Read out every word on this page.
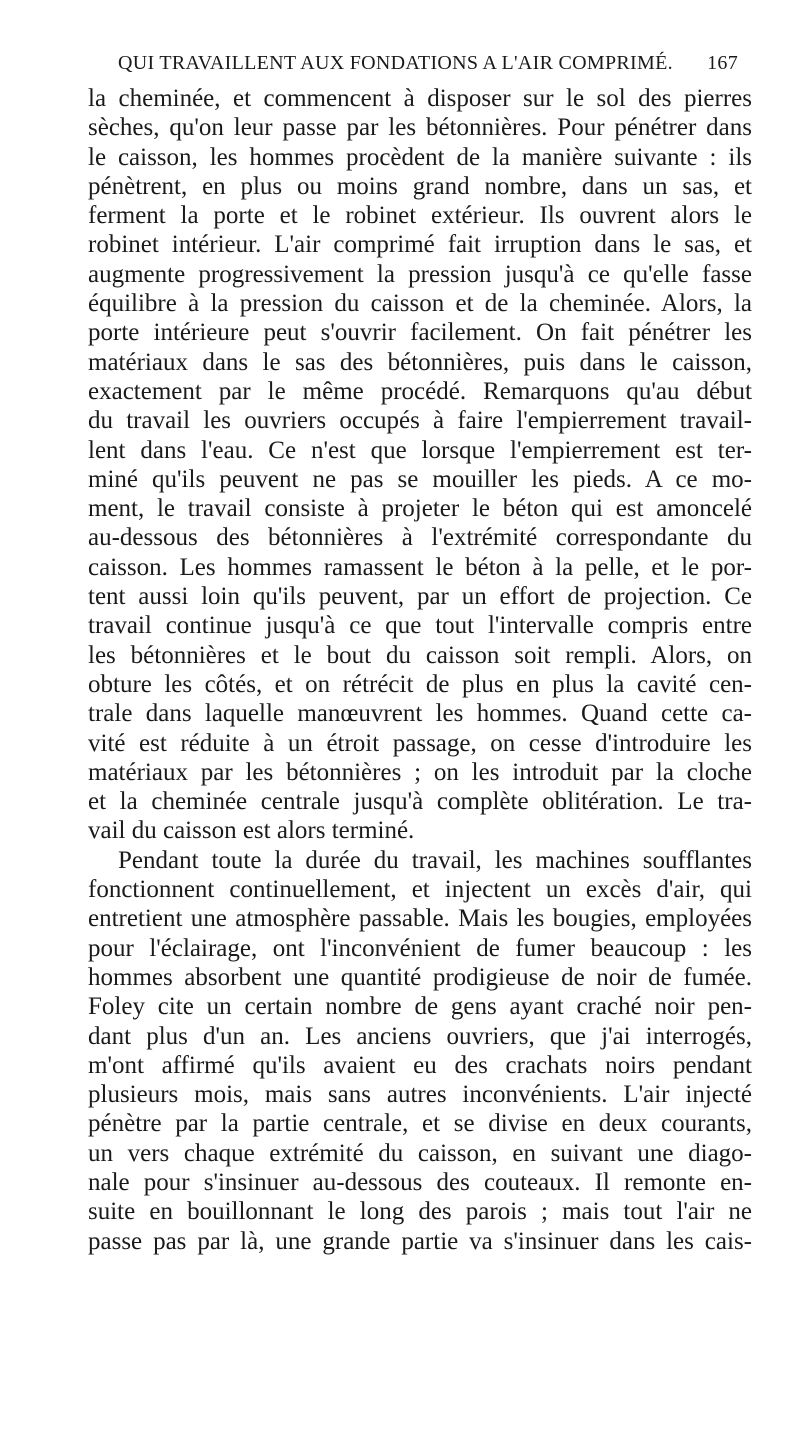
QUI TRAVAILLENT AUX FONDATIONS A L'AIR COMPRIMÉ. 167
la cheminée, et commencent à disposer sur le sol des pierres
sèches, qu'on leur passe par les bétonnières. Pour pénétrer dans
le caisson, les hommes procèdent de la manière suivante : ils
pénètrent, en plus ou moins grand nombre, dans un sas, et
ferment la porte et le robinet extérieur. Ils ouvrent alors le
robinet intérieur. L'air comprimé fait irruption dans le sas, et
augmente progressivement la pression jusqu'à ce qu'elle fasse
équilibre à la pression du caisson et de la cheminée. Alors, la
porte intérieure peut s'ouvrir facilement. On fait pénétrer les
matériaux dans le sas des bétonnières, puis dans le caisson,
exactement par le même procédé. Remarquons qu'au début
du travail les ouvriers occupés à faire l'empierrement travail-
lent dans l'eau. Ce n'est que lorsque l'empierrement est ter-
miné qu'ils peuvent ne pas se mouiller les pieds. A ce mo-
ment, le travail consiste à projeter le béton qui est amoncelé
au-dessous des bétonnières à l'extrémité correspondante du
caisson. Les hommes ramassent le béton à la pelle, et le por-
tent aussi loin qu'ils peuvent, par un effort de projection. Ce
travail continue jusqu'à ce que tout l'intervalle compris entre
les bétonnières et le bout du caisson soit rempli. Alors, on
obture les côtés, et on rétrécit de plus en plus la cavité cen-
trale dans laquelle manœuvrent les hommes. Quand cette ca-
vité est réduite à un étroit passage, on cesse d'introduire les
matériaux par les bétonnières ; on les introduit par la cloche
et la cheminée centrale jusqu'à complète oblitération. Le tra-
vail du caisson est alors terminé.
Pendant toute la durée du travail, les machines soufflantes
fonctionnent continuellement, et injectent un excès d'air, qui
entretient une atmosphère passable. Mais les bougies, employées
pour l'éclairage, ont l'inconvénient de fumer beaucoup : les
hommes absorbent une quantité prodigieuse de noir de fumée.
Foley cite un certain nombre de gens ayant craché noir pen-
dant plus d'un an. Les anciens ouvriers, que j'ai interrogés,
m'ont affirmé qu'ils avaient eu des crachats noirs pendant
plusieurs mois, mais sans autres inconvénients. L'air injecté
pénètre par la partie centrale, et se divise en deux courants,
un vers chaque extrémité du caisson, en suivant une diago-
nale pour s'insinuer au-dessous des couteaux. Il remonte en-
suite en bouillonnant le long des parois ; mais tout l'air ne
passe pas par là, une grande partie va s'insinuer dans les cais-
